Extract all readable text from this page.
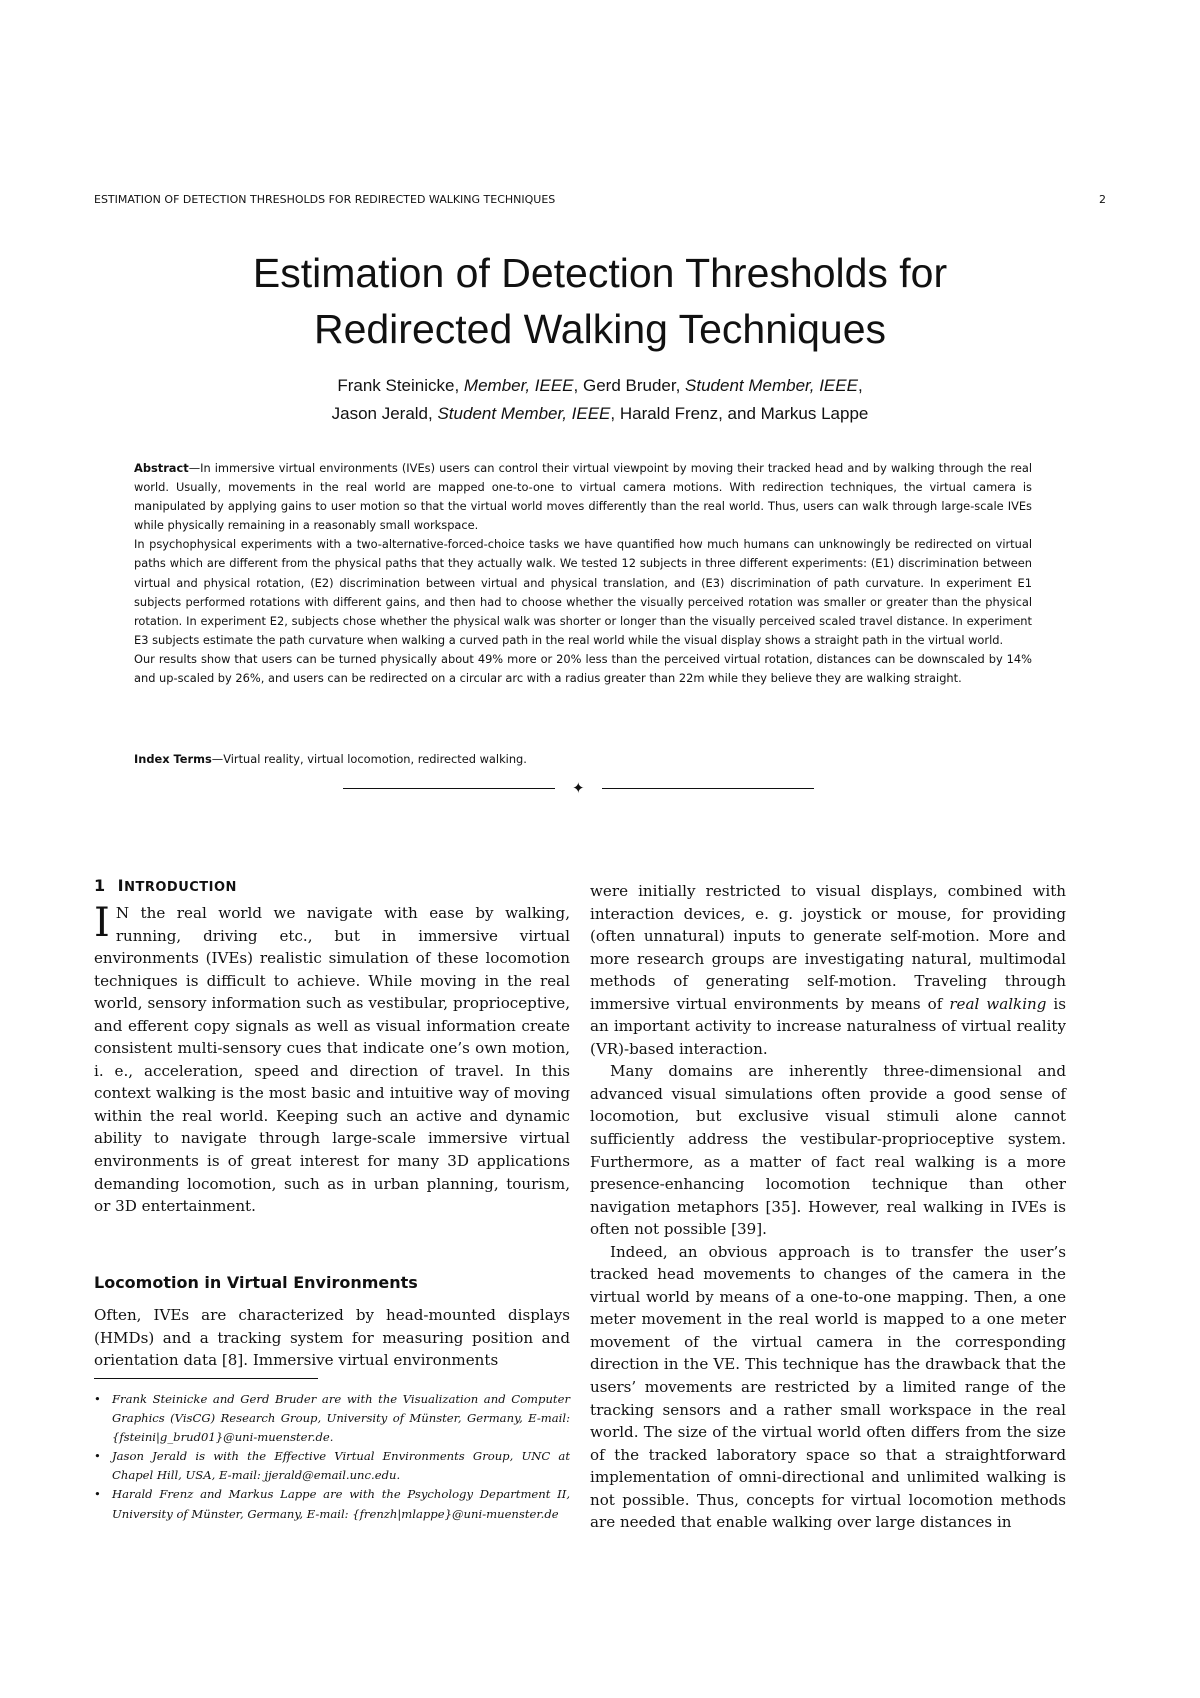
ESTIMATION OF DETECTION THRESHOLDS FOR REDIRECTED WALKING TECHNIQUES	2
Estimation of Detection Thresholds for
Redirected Walking Techniques
Frank Steinicke, Member, IEEE, Gerd Bruder, Student Member, IEEE,
Jason Jerald, Student Member, IEEE, Harald Frenz, and Markus Lappe

Abstract—In immersive virtual environments (IVEs) users can control their virtual viewpoint by moving their tracked head and by walking through the real world. Usually, movements in the real world are mapped one-to-one to virtual camera motions. With redirection techniques, the virtual camera is manipulated by applying gains to user motion so that the virtual world moves differently than the real world. Thus, users can walk through large-scale IVEs while physically remaining in a reasonably small workspace.

In psychophysical experiments with a two-alternative-forced-choice tasks we have quantified how much humans can unknowingly be redirected on virtual paths which are different from the physical paths that they actually walk. We tested 12 subjects in three different experiments: (E1) discrimination between virtual and physical rotation, (E2) discrimination between virtual and physical translation, and (E3) discrimination of path curvature. In experiment E1 subjects performed rotations with different gains, and then had to choose whether the visually perceived rotation was smaller or greater than the physical rotation. In experiment E2, subjects chose whether the physical walk was shorter or longer than the visually perceived scaled travel distance. In experiment E3 subjects estimate the path curvature when walking a curved path in the real world while the visual display shows a straight path in the virtual world.

Our results show that users can be turned physically about 49% more or 20% less than the perceived virtual rotation, distances can be downscaled by 14% and up-scaled by 26%, and users can be redirected on a circular arc with a radius greater than 22m while they believe they are walking straight.

Index Terms—Virtual reality, virtual locomotion, redirected walking.
✦
1 INTRODUCTION

I N the real world we navigate with ease by walking, running, driving etc., but in immersive virtual environments (IVEs) realistic simulation of these locomotion techniques is difficult to achieve. While moving in the real world, sensory information such as vestibular, proprioceptive, and efferent copy signals as well as visual information create consistent multi-sensory cues that indicate one’s own motion, i. e., acceleration, speed and direction of travel. In this context walking is the most basic and intuitive way of moving within the real world. Keeping such an active and dynamic ability to navigate through large-scale immersive virtual environments is of great interest for many 3D applications demanding locomotion, such as in urban planning, tourism, or 3D entertainment.

Locomotion in Virtual Environments

Often, IVEs are characterized by head-mounted displays (HMDs) and a tracking system for measuring position and orientation data [8]. Immersive virtual environments

• Frank Steinicke and Gerd Bruder are with the Visualization and Computer Graphics (VisCG) Research Group, University of Münster, Germany, E-mail: {fsteini|g_brud01}@uni-muenster.de.

• Jason Jerald is with the Effective Virtual Environments Group, UNC at Chapel Hill, USA, E-mail: jjerald@email.unc.edu.

• Harald Frenz and Markus Lappe are with the Psychology Department II, University of Münster, Germany, E-mail: {frenzh|mlappe}@uni-muenster.de

were initially restricted to visual displays, combined with interaction devices, e. g. joystick or mouse, for providing (often unnatural) inputs to generate self-motion. More and more research groups are investigating natural, multimodal methods of generating self-motion. Traveling through immersive virtual environments by means of real walking is an important activity to increase naturalness of virtual reality (VR)-based interaction.

Many domains are inherently three-dimensional and advanced visual simulations often provide a good sense of locomotion, but exclusive visual stimuli alone cannot sufficiently address the vestibular-proprioceptive system. Furthermore, as a matter of fact real walking is a more presence-enhancing locomotion technique than other navigation metaphors [35]. However, real walking in IVEs is often not possible [39].

Indeed, an obvious approach is to transfer the user’s tracked head movements to changes of the camera in the virtual world by means of a one-to-one mapping. Then, a one meter movement in the real world is mapped to a one meter movement of the virtual camera in the corresponding direction in the VE. This technique has the drawback that the users’ movements are restricted by a limited range of the tracking sensors and a rather small workspace in the real world. The size of the virtual world often differs from the size of the tracked laboratory space so that a straightforward implementation of omni-directional and unlimited walking is not possible. Thus, concepts for virtual locomotion methods are needed that enable walking over large distances in
